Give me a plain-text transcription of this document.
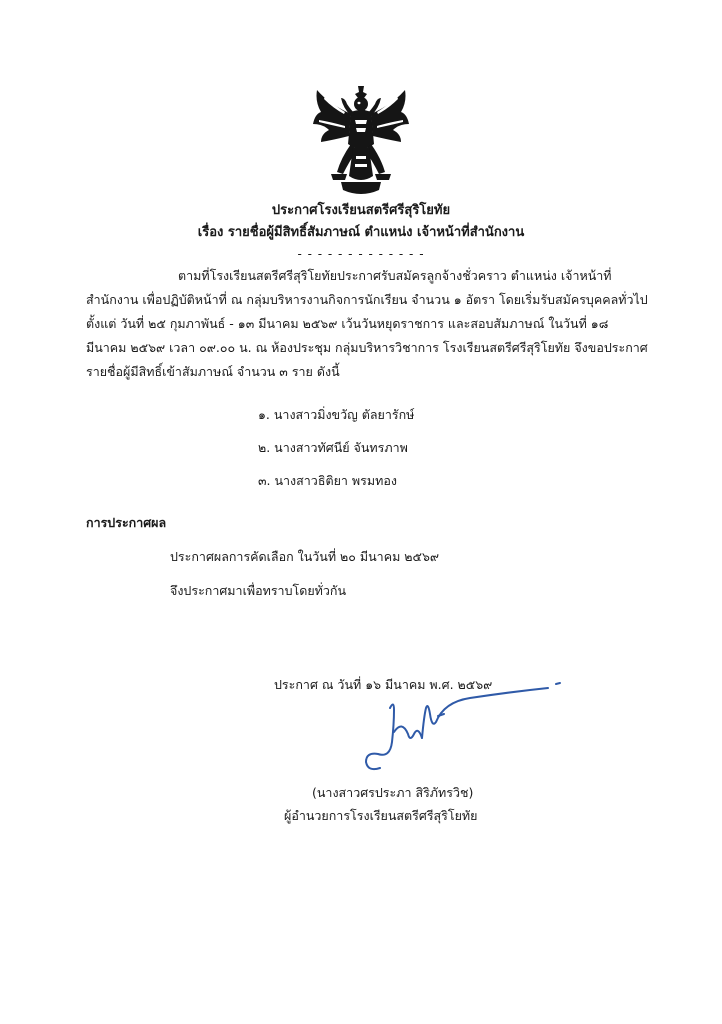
ประกาศโรงเรียนสตรีศรีสุริโยทัย
เรื่อง รายชื่อผู้มีสิทธิ์สัมภาษณ์ ตำแหน่ง เจ้าหน้าที่สำนักงาน
- - - - - - - - - - - - -
ตามที่โรงเรียนสตรีศรีสุริโยทัยประกาศรับสมัครลูกจ้างชั่วคราว ตำแหน่ง เจ้าหน้าที่
สำนักงาน เพื่อปฏิบัติหน้าที่ ณ กลุ่มบริหารงานกิจการนักเรียน จำนวน ๑ อัตรา โดยเริ่มรับสมัครบุคคลทั่วไป
ตั้งแต่ วันที่ ๒๕ กุมภาพันธ์ - ๑๓ มีนาคม ๒๕๖๙ เว้นวันหยุดราชการ และสอบสัมภาษณ์ ในวันที่ ๑๘
มีนาคม ๒๕๖๙ เวลา ๐๙.๐๐ น. ณ ห้องประชุม กลุ่มบริหารวิชาการ โรงเรียนสตรีศรีสุริโยทัย จึงขอประกาศ
รายชื่อผู้มีสิทธิ์เข้าสัมภาษณ์ จำนวน ๓ ราย ดังนี้
๑. นางสาวมิ่งขวัญ ตัลยารักษ์
๒. นางสาวทัศนีย์ จันทรภาพ
๓. นางสาวธิติยา พรมทอง
การประกาศผล
ประกาศผลการคัดเลือก ในวันที่ ๒๐ มีนาคม ๒๕๖๙
จึงประกาศมาเพื่อทราบโดยทั่วกัน
ประกาศ ณ วันที่ ๑๖ มีนาคม พ.ศ. ๒๕๖๙
(นางสาวศรประภา สิริภัทรวิช)
ผู้อำนวยการโรงเรียนสตรีศรีสุริโยทัย
